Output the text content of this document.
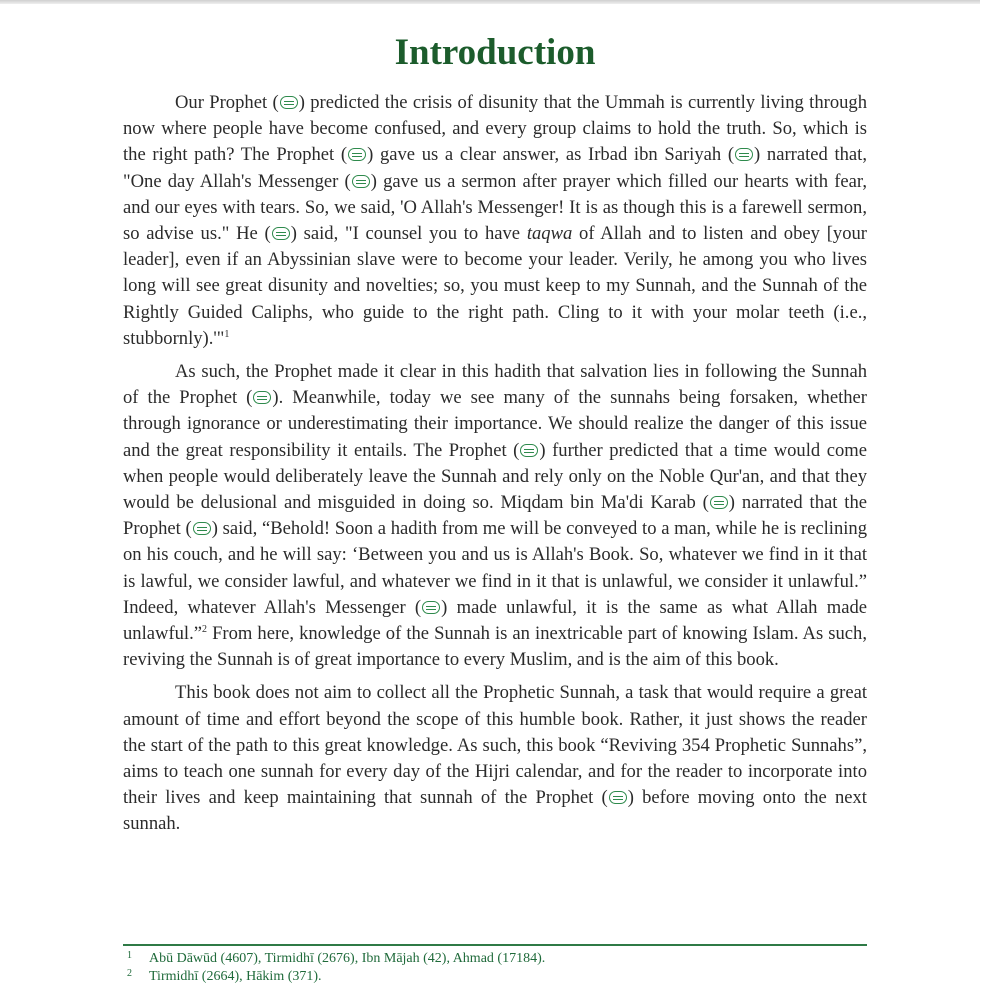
Introduction

Our Prophet ( ) predicted the crisis of disunity that the Ummah is currently living through now where people have become confused, and every group claims to hold the truth. So, which is the right path? The Prophet ( ) gave us a clear answer, as Irbad ibn Sariyah ( ) narrated that, "One day Allah's Messenger ( ) gave us a sermon after prayer which filled our hearts with fear, and our eyes with tears. So, we said, 'O Allah's Messenger! It is as though this is a farewell sermon, so advise us." He ( ) said, "I counsel you to have taqwa of Allah and to listen and obey [your leader], even if an Abyssinian slave were to become your leader. Verily, he among you who lives long will see great disunity and novelties; so, you must keep to my Sunnah, and the Sunnah of the Rightly Guided Caliphs, who guide to the right path. Cling to it with your molar teeth (i.e., stubbornly).'"$^1$

As such, the Prophet made it clear in this hadith that salvation lies in following the Sunnah of the Prophet ( ). Meanwhile, today we see many of the sunnahs being forsaken, whether through ignorance or underestimating their importance. We should realize the danger of this issue and the great responsibility it entails. The Prophet ( ) further predicted that a time would come when people would deliberately leave the Sunnah and rely only on the Noble Qur'an, and that they would be delusional and misguided in doing so. Miqdam bin Ma'di Karab ( ) narrated that the Prophet ( ) said, “Behold! Soon a hadith from me will be conveyed to a man, while he is reclining on his couch, and he will say: ‘Between you and us is Allah's Book. So, whatever we find in it that is lawful, we consider lawful, and whatever we find in it that is unlawful, we consider it unlawful.” Indeed, whatever Allah's Messenger ( ) made unlawful, it is the same as what Allah made unlawful.”$^2$ From here, knowledge of the Sunnah is an inextricable part of knowing Islam. As such, reviving the Sunnah is of great importance to every Muslim, and is the aim of this book.

This book does not aim to collect all the Prophetic Sunnah, a task that would require a great amount of time and effort beyond the scope of this humble book. Rather, it just shows the reader the start of the path to this great knowledge. As such, this book “Reviving 354 Prophetic Sunnahs”, aims to teach one sunnah for every day of the Hijri calendar, and for the reader to incorporate into their lives and keep maintaining that sunnah of the Prophet ( ) before moving onto the next sunnah.

1 Abū Dāwūd (4607), Tirmidhī (2676), Ibn Mājah (42), Ahmad (17184).
2 Tirmidhī (2664), Hākim (371).
